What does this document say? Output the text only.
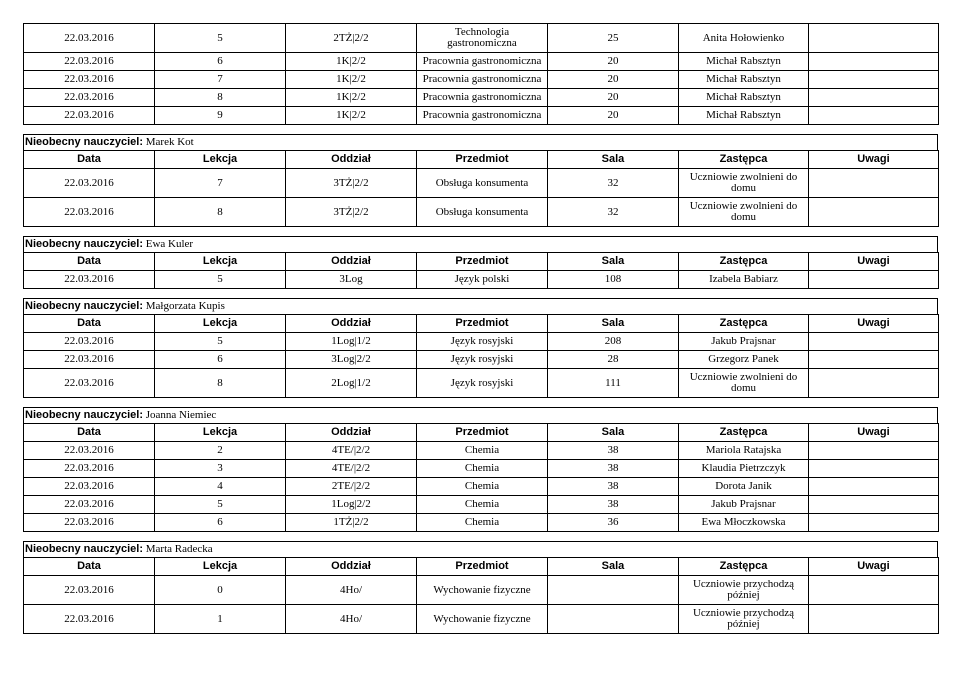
22.03.2016	5	2TŻ|2/2	Technologia gastronomiczna	25	Anita Hołowienko	
22.03.2016	6	1K|2/2	Pracownia gastronomiczna	20	Michał Rabsztyn	
22.03.2016	7	1K|2/2	Pracownia gastronomiczna	20	Michał Rabsztyn	
22.03.2016	8	1K|2/2	Pracownia gastronomiczna	20	Michał Rabsztyn	
22.03.2016	9	1K|2/2	Pracownia gastronomiczna	20	Michał Rabsztyn	
Nieobecny nauczyciel: Marek Kot
Data	Lekcja	Oddział	Przedmiot	Sala	Zastępca	Uwagi
22.03.2016	7	3TŻ|2/2	Obsługa konsumenta	32	Uczniowie zwolnieni do domu	
22.03.2016	8	3TŻ|2/2	Obsługa konsumenta	32	Uczniowie zwolnieni do domu	
Nieobecny nauczyciel: Ewa Kuler
Data	Lekcja	Oddział	Przedmiot	Sala	Zastępca	Uwagi
22.03.2016	5	3Log	Język polski	108	Izabela Babiarz	
Nieobecny nauczyciel: Małgorzata Kupis
Data	Lekcja	Oddział	Przedmiot	Sala	Zastępca	Uwagi
22.03.2016	5	1Log|1/2	Język rosyjski	208	Jakub Prajsnar	
22.03.2016	6	3Log|2/2	Język rosyjski	28	Grzegorz Panek	
22.03.2016	8	2Log|1/2	Język rosyjski	111	Uczniowie zwolnieni do domu	
Nieobecny nauczyciel: Joanna Niemiec
Data	Lekcja	Oddział	Przedmiot	Sala	Zastępca	Uwagi
22.03.2016	2	4TE/|2/2	Chemia	38	Mariola Ratajska	
22.03.2016	3	4TE/|2/2	Chemia	38	Klaudia Pietrzczyk	
22.03.2016	4	2TE/|2/2	Chemia	38	Dorota Janik	
22.03.2016	5	1Log|2/2	Chemia	38	Jakub Prajsnar	
22.03.2016	6	1TŻ|2/2	Chemia	36	Ewa Młoczkowska	
Nieobecny nauczyciel: Marta Radecka
Data	Lekcja	Oddział	Przedmiot	Sala	Zastępca	Uwagi
22.03.2016	0	4Ho/	Wychowanie fizyczne		Uczniowie przychodzą później	
22.03.2016	1	4Ho/	Wychowanie fizyczne		Uczniowie przychodzą później	
